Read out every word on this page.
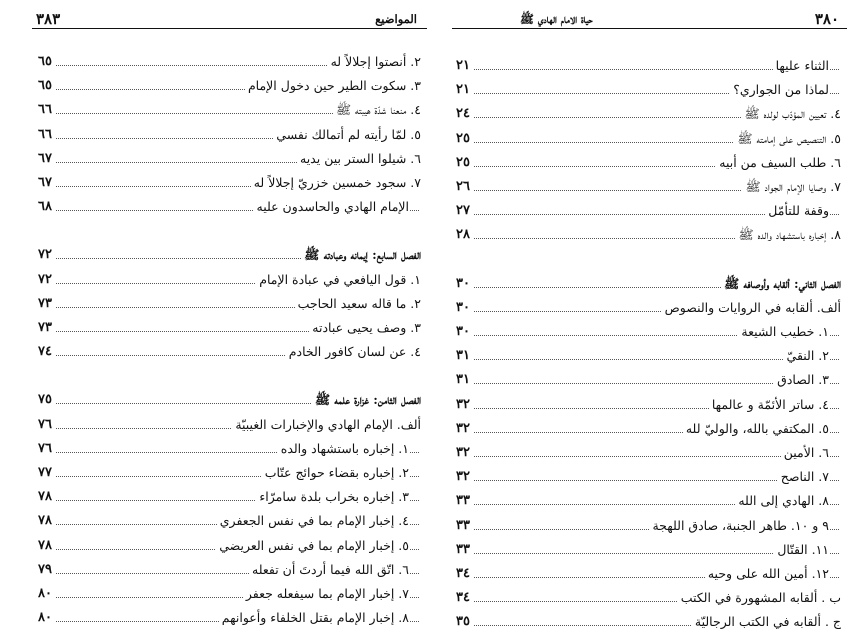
٣٨٣	المواضيع
٢. أنصتوا إجلالاً له
٦٥
٣. سكوت الطير حين دخول الإمام
٦٥
٤. منعنا شدّة هيبته ﷺ
٦٦
٥. لمّا رأيته لم أتمالك نفسي
٦٦
٦. شيلوا الستر بين يديه
٦٧
٧. سجود خمسين خزريّ إجلالاً له
٦٧
الإمام الهادي والحاسدون عليه
٦٨
الفصل السابع: إيمانه وعبادته ﷺ
٧٢
١. قول اليافعي في عبادة الإمام
٧٢
٢. ما قاله سعيد الحاجب
٧٣
٣. وصف يحيى عبادته
٧٣
٤. عن لسان كافور الخادم
٧٤
الفصل الثامن: غزارة علمه ﷺ
٧٥
ألف. الإمام الهادي والإخبارات الغيبيّة
٧٦
١. إخباره باستشهاد والده
٧٦
٢. إخباره بقضاء حوائج عتّاب
٧٧
٣. إخباره بخراب بلدة سامرّاء
٧٨
٤. إخبار الإمام بما في نفس الجعفري
٧٨
٥. إخبار الإمام بما في نفس العريضي
٧٨
٦. اتّق الله فيما أردتَ أن تفعله
٧٩
٧. إخبار الإمام بما سيفعله جعفر
٨٠
٨. إخبار الإمام بقتل الخلفاء وأعوانهم
٨٠
٣٨٠
حياة الامام الهادي ﷺ
الثناء عليها
٢١
لماذا من الجواري؟
٢١
٤. تعيين المؤدّب لولده ﷺ
٢٤
٥. التنصيص على إمامته ﷺ
٢٥
٦. طلب السيف من أبيه
٢٥
٧. وصايا الإمام الجواد ﷺ
٢٦
وقفة للتأمّل
٢٧
٨. إخباره باستشهاد والده ﷺ
٢٨
الفصل الثاني: ألقابه وأوصافه ﷺ
٣٠
ألف. ألقابه في الروايات والنصوص
٣٠
١. خطيب الشيعة
٣٠
٢. النقيّ
٣١
٣. الصادق
٣١
٤. ساتر الأئمّة و عالمها
٣٢
٥. المكتفي بالله، والوليّ لله
٣٢
٦. الأمين
٣٢
٧. الناصح
٣٢
٨. الهادي إلى الله
٣٣
٩ و ١٠. طاهر الجنبة، صادق اللهجة
٣٣
١١. القتّال
٣٣
١٢. أمين الله على وحيه
٣٤
ب . ألقابه المشهورة في الكتب
٣٤
ج . ألقابه في الكتب الرجاليّة
٣٥
